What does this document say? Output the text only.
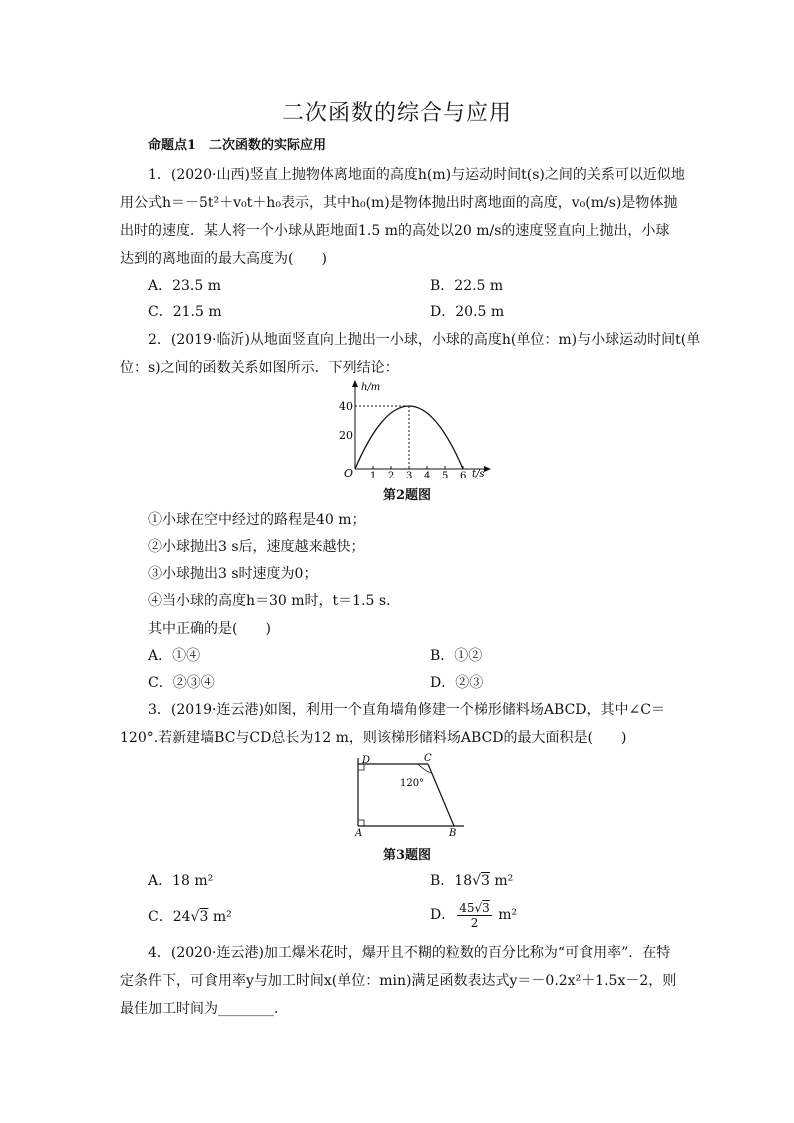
二次函数的综合与应用
命题点1　二次函数的实际应用
1．(2020·山西)竖直上抛物体离地面的高度h(m)与运动时间t(s)之间的关系可以近似地
用公式h＝－5t²＋v₀t＋h₀表示，其中h₀(m)是物体抛出时离地面的高度，v₀(m/s)是物体抛
出时的速度．某人将一个小球从距地面1.5 m的高处以20 m/s的速度竖直向上抛出，小球
达到的离地面的最大高度为(　　)
A．23.5 m	B．22.5 m
C．21.5 m	D．20.5 m
2．(2019·临沂)从地面竖直向上抛出一小球，小球的高度h(单位：m)与小球运动时间t(单
位：s)之间的函数关系如图所示．下列结论：
h/m
t/s
O
40
20
1 2 3 4 5 6
第2题图
①小球在空中经过的路程是40 m；
②小球抛出3 s后，速度越来越快；
③小球抛出3 s时速度为0；
④当小球的高度h＝30 m时，t＝1.5 s.
其中正确的是(　　)
A．①④	B．①②
C．②③④	D．②③
3．(2019·连云港)如图，利用一个直角墙角修建一个梯形储料场ABCD，其中∠C＝
120°.若新建墙BC与CD总长为12 m，则该梯形储料场ABCD的最大面积是(　　)
D	C
120°
A	B
第3题图
A．18 m²	B．18√3 m²
C．24√3 m²	D． $\frac{45√3}{2} m^2$
4．(2020·连云港)加工爆米花时，爆开且不糊的粒数的百分比称为“可食用率”．在特
定条件下，可食用率y与加工时间x(单位：min)满足函数表达式y＝－0.2x²＋1.5x－2，则
最佳加工时间为________.
